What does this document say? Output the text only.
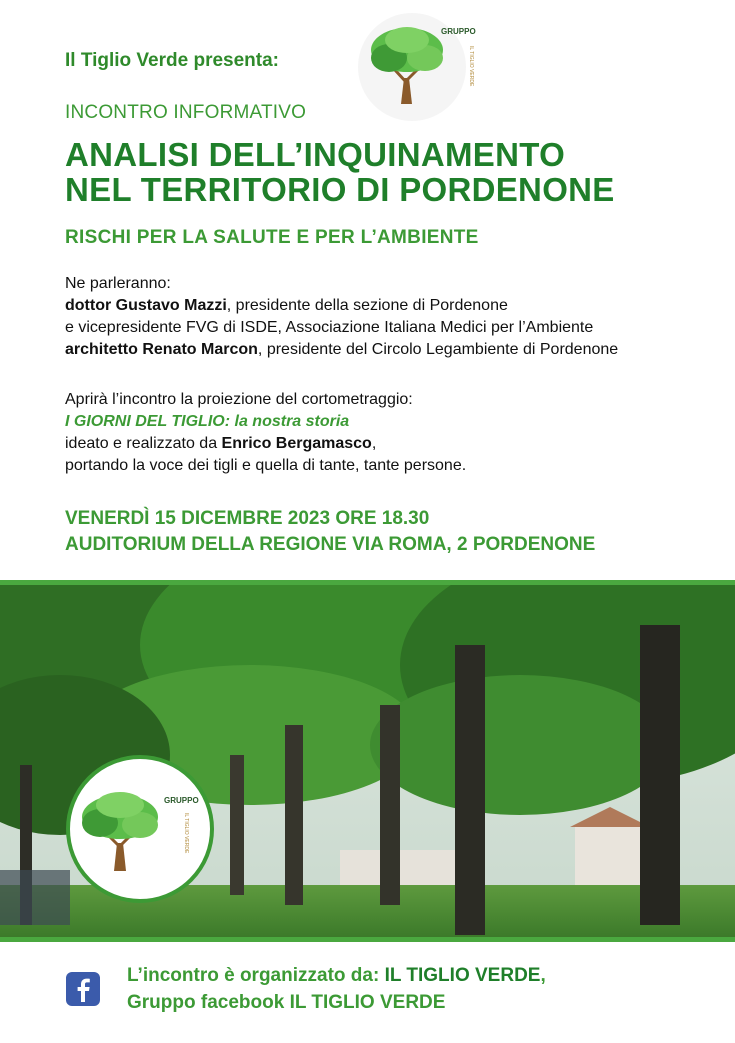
Il Tiglio Verde presenta:
GRUPPO
IL TIGLIO VERDE
INCONTRO INFORMATIVO
ANALISI DELL’INQUINAMENTO
NEL TERRITORIO DI PORDENONE
RISCHI PER LA SALUTE E PER L’AMBIENTE
Ne parleranno:
dottor Gustavo Mazzi, presidente della sezione di Pordenone
e vicepresidente FVG di ISDE, Associazione Italiana Medici per l’Ambiente
architetto Renato Marcon, presidente del Circolo Legambiente di Pordenone
Aprirà l’incontro la proiezione del cortometraggio:
I GIORNI DEL TIGLIO: la nostra storia
ideato e realizzato da Enrico Bergamasco,
portando la voce dei tigli e quella di tante, tante persone.
VENERDÌ 15 DICEMBRE 2023 ORE 18.30
AUDITORIUM DELLA REGIONE VIA ROMA, 2 PORDENONE
GRUPPO
IL TIGLIO VERDE
L’incontro è organizzato da: IL TIGLIO VERDE,
Gruppo facebook IL TIGLIO VERDE
